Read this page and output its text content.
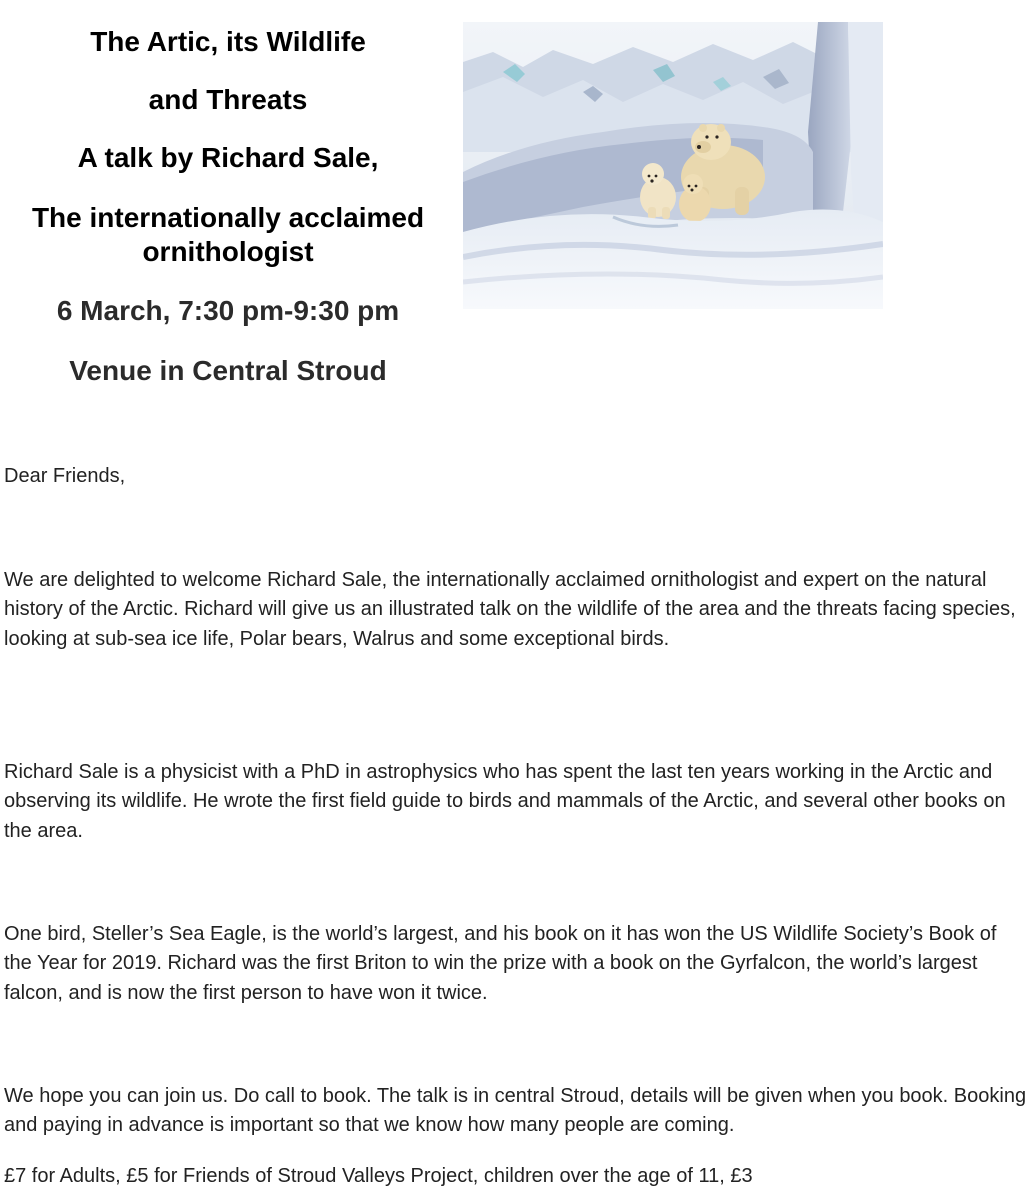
The Artic, its Wildlife

and Threats

A talk by Richard Sale,

The internationally acclaimed

ornithologist

6 March, 7:30 pm-9:30 pm

Venue in Central Stroud

Dear Friends,

We are delighted to welcome Richard Sale, the internationally acclaimed ornithologist and expert on the natural history of the Arctic. Richard will give us an illustrated talk on the wildlife of the area and the threats facing species, looking at sub-sea ice life, Polar bears, Walrus and some exceptional birds.

Richard Sale is a physicist with a PhD in astrophysics who has spent the last ten years working in the Arctic and observing its wildlife. He wrote the first field guide to birds and mammals of the Arctic, and several other books on the area.

One bird, Steller’s Sea Eagle, is the world’s largest, and his book on it has won the US Wildlife Society’s Book of the Year for 2019. Richard was the first Briton to win the prize with a book on the Gyrfalcon, the world’s largest falcon, and is now the first person to have won it twice.

We hope you can join us. Do call to book. The talk is in central Stroud, details will be given when you book. Booking and paying in advance is important so that we know how many people are coming.

£7 for Adults, £5 for Friends of Stroud Valleys Project, children over the age of 11, £3
